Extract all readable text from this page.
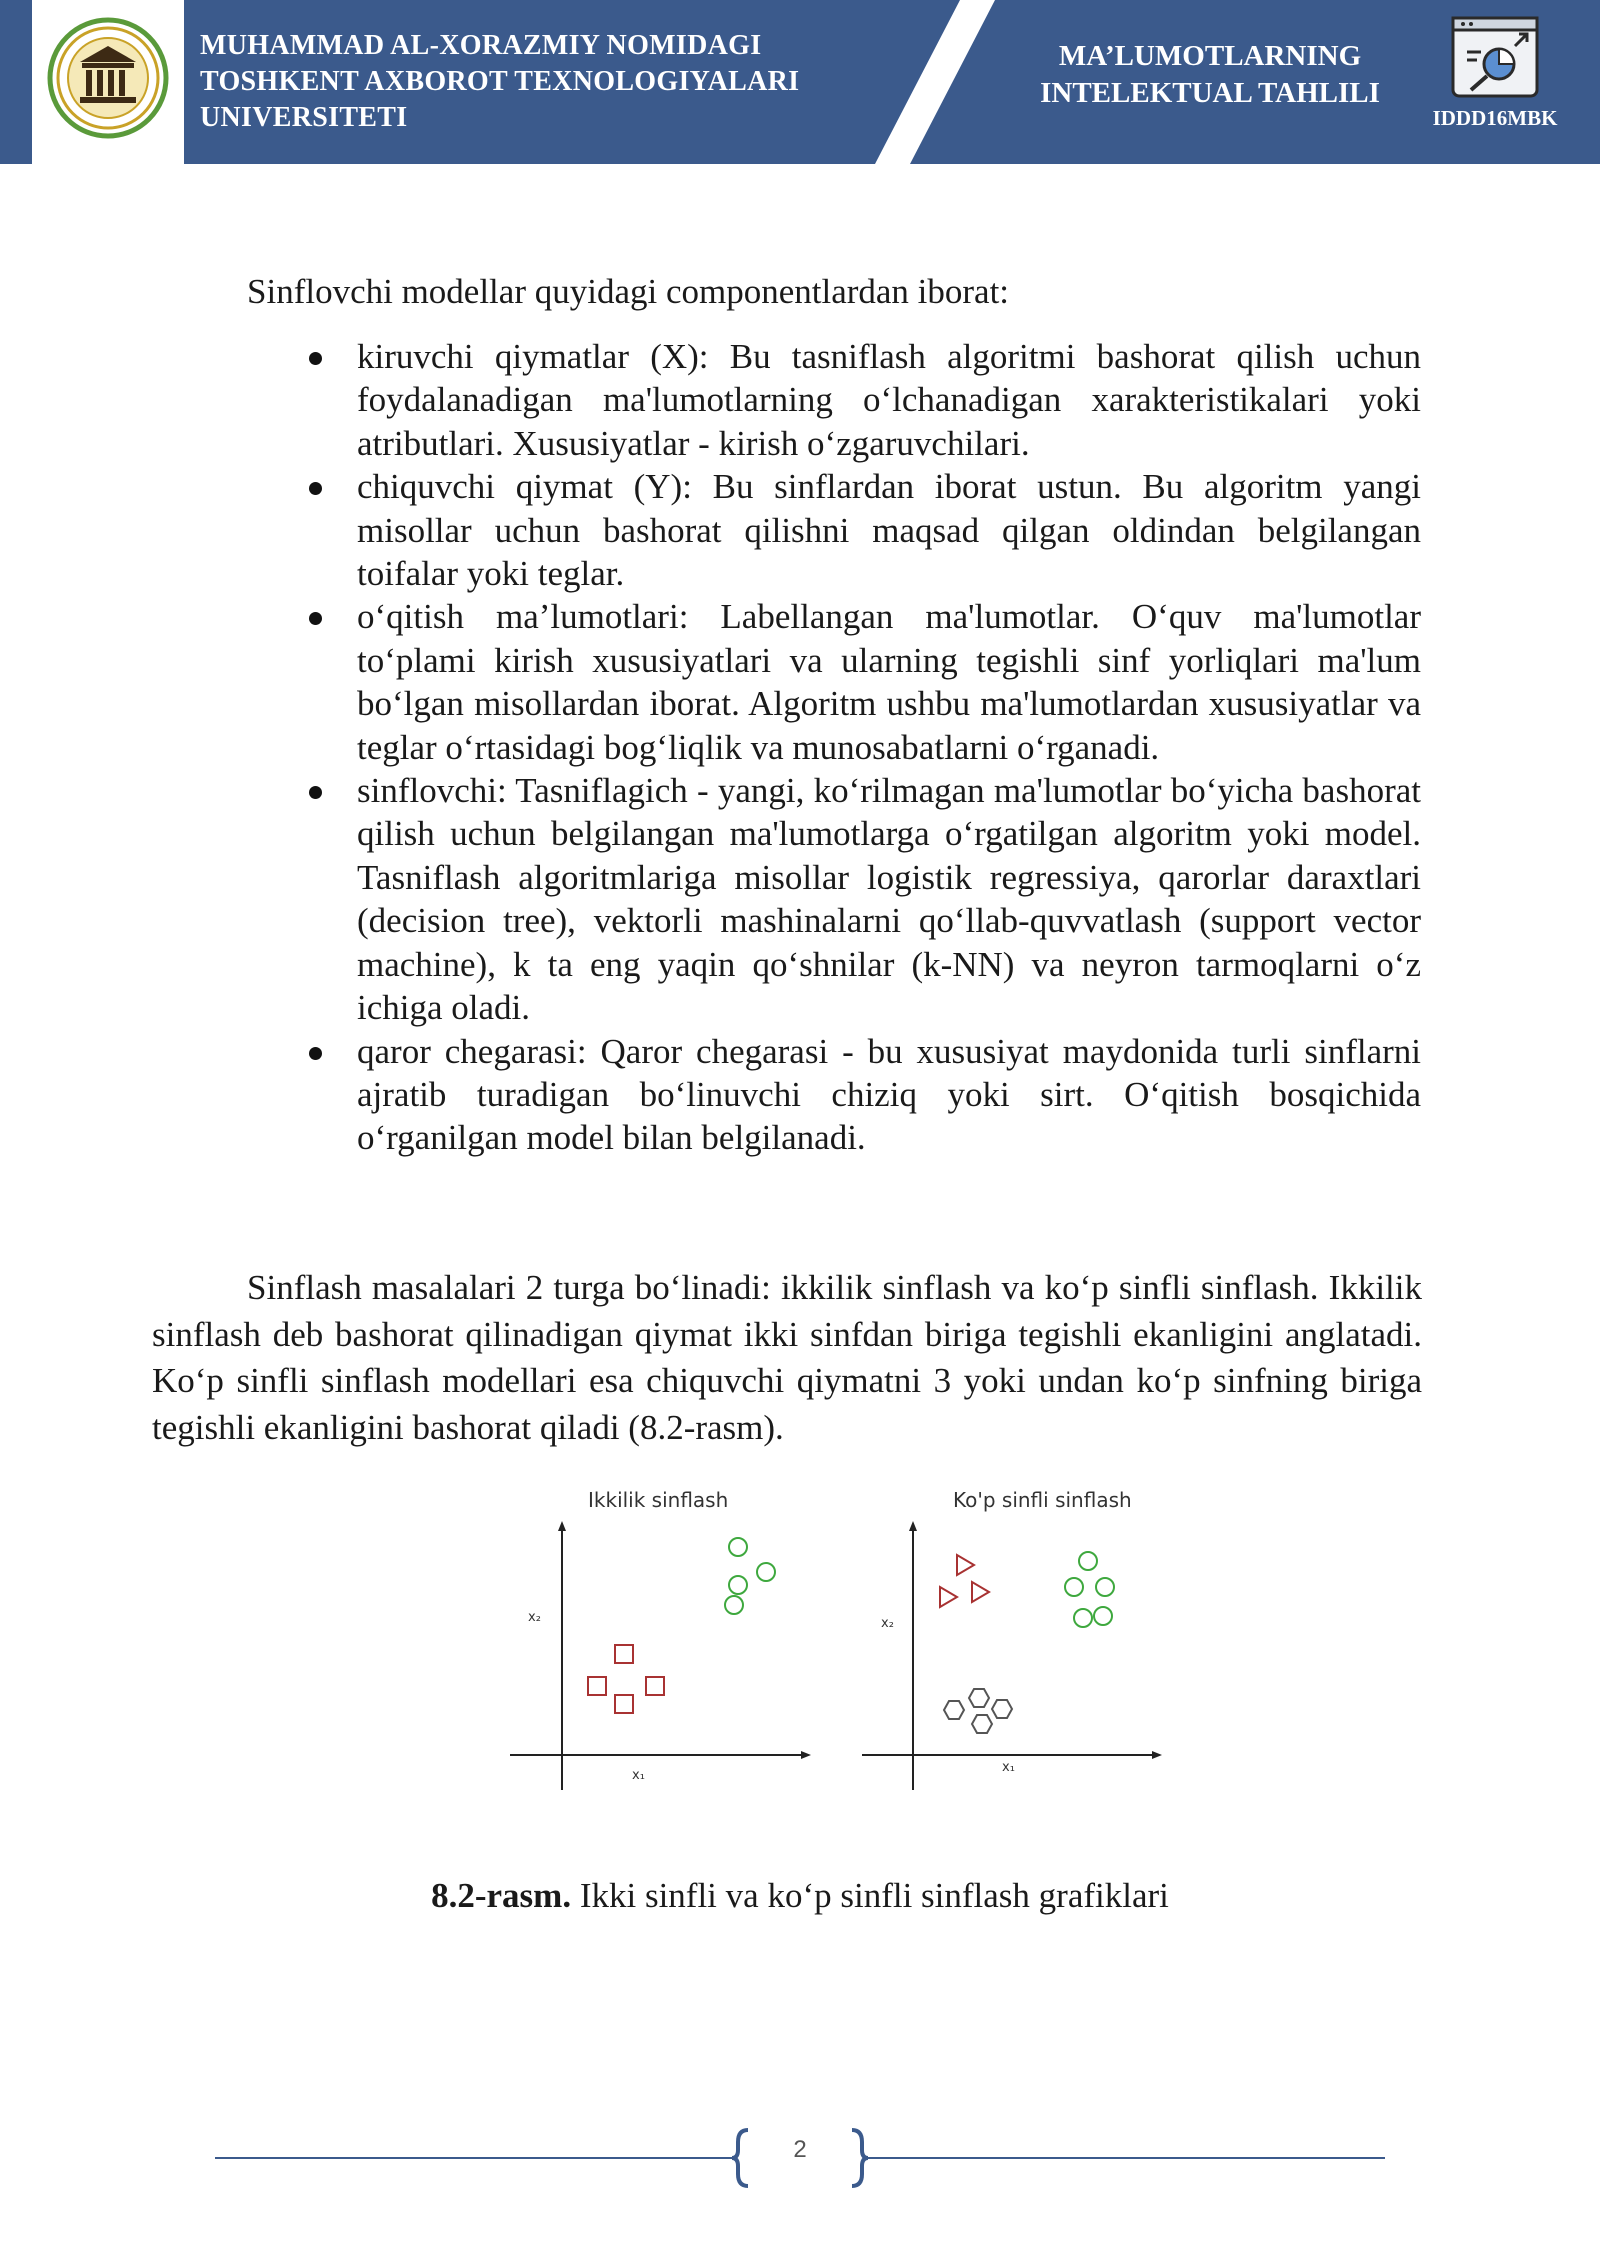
MUHAMMAD AL-XORAZMIY NOMIDAGI
TOSHKENT AXBOROT TEXNOLOGIYALARI
UNIVERSITETI
MA’LUMOTLARNING
INTELEKTUAL TAHLILI
IDDD16MBK
Sinflovchi modellar quyidagi componentlardan iborat:
kiruvchi qiymatlar (X): Bu tasniflash algoritmi bashorat qilish uchun foydalanadigan ma'lumotlarning o‘lchanadigan xarakteristikalari yoki atributlari. Xususiyatlar - kirish o‘zgaruvchilari.
chiquvchi qiymat (Y): Bu sinflardan iborat ustun. Bu algoritm yangi misollar uchun bashorat qilishni maqsad qilgan oldindan belgilangan toifalar yoki teglar.
o‘qitish ma’lumotlari: Labellangan ma'lumotlar. O‘quv ma'lumotlar to‘plami kirish xususiyatlari va ularning tegishli sinf yorliqlari ma'lum bo‘lgan misollardan iborat. Algoritm ushbu ma'lumotlardan xususiyatlar va teglar o‘rtasidagi bog‘liqlik va munosabatlarni o‘rganadi.
sinflovchi: Tasniflagich - yangi, ko‘rilmagan ma'lumotlar bo‘yicha bashorat qilish uchun belgilangan ma'lumotlarga o‘rgatilgan algoritm yoki model. Tasniflash algoritmlariga misollar logistik regressiya, qarorlar daraxtlari (decision tree), vektorli mashinalarni qo‘llab-quvvatlash (support vector machine), k ta eng yaqin qo‘shnilar (k-NN) va neyron tarmoqlarni o‘z ichiga oladi.
qaror chegarasi: Qaror chegarasi - bu xususiyat maydonida turli sinflarni ajratib turadigan bo‘linuvchi chiziq yoki sirt. O‘qitish bosqichida o‘rganilgan model bilan belgilanadi.
Sinflash masalalari 2 turga bo‘linadi: ikkilik sinflash va ko‘p sinfli sinflash. Ikkilik sinflash deb bashorat qilinadigan qiymat ikki sinfdan biriga tegishli ekanligini anglatadi. Ko‘p sinfli sinflash modellari esa chiquvchi qiymatni 3 yoki undan ko‘p sinfning biriga tegishli ekanligini bashorat qiladi (8.2-rasm).
Ikkilik sinflash
x₂
x₁
Ko'p sinfli sinflash
x₂
x₁
8.2-rasm. Ikki sinfli va ko‘p sinfli sinflash grafiklari
2
